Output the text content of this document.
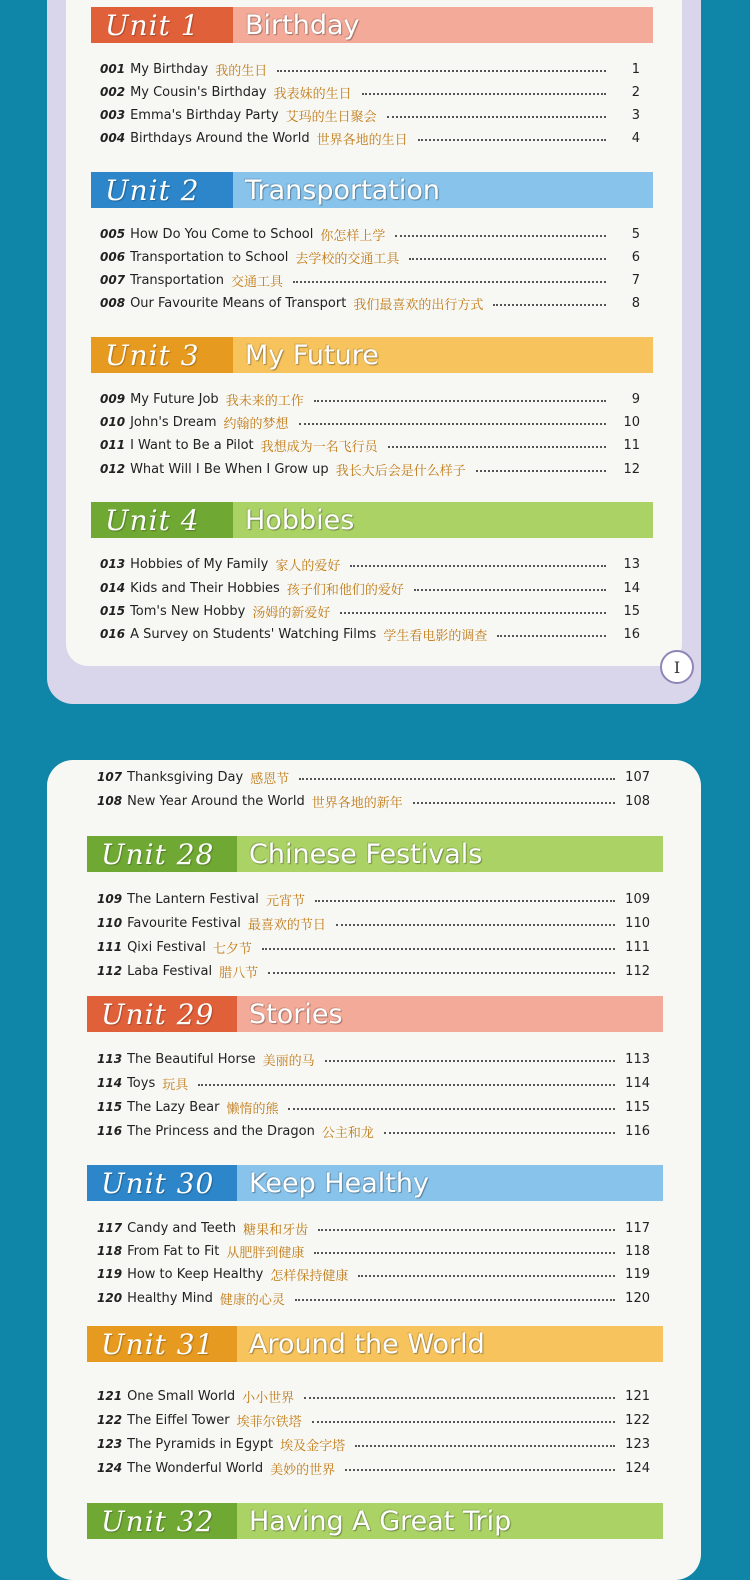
I
Unit 1	Birthday
001 My Birthday 我的生日	1
002 My Cousin's Birthday 我表妹的生日	2
003 Emma's Birthday Party 艾玛的生日聚会	3
004 Birthdays Around the World 世界各地的生日	4
Unit 2	Transportation
005 How Do You Come to School 你怎样上学	5
006 Transportation to School 去学校的交通工具	6
007 Transportation 交通工具	7
008 Our Favourite Means of Transport 我们最喜欢的出行方式	8
Unit 3	My Future
009 My Future Job 我未来的工作	9
010 John's Dream 约翰的梦想	10
011 I Want to Be a Pilot 我想成为一名飞行员	11
012 What Will I Be When I Grow up 我长大后会是什么样子	12
Unit 4	Hobbies
013 Hobbies of My Family 家人的爱好	13
014 Kids and Their Hobbies 孩子们和他们的爱好	14
015 Tom's New Hobby 汤姆的新爱好	15
016 A Survey on Students' Watching Films 学生看电影的调查	16
107 Thanksgiving Day 感恩节	107
108 New Year Around the World 世界各地的新年	108
Unit 28	Chinese Festivals
109 The Lantern Festival 元宵节	109
110 Favourite Festival 最喜欢的节日	110
111 Qixi Festival 七夕节	111
112 Laba Festival 腊八节	112
Unit 29	Stories
113 The Beautiful Horse 美丽的马	113
114 Toys 玩具	114
115 The Lazy Bear 懒惰的熊	115
116 The Princess and the Dragon 公主和龙	116
Unit 30	Keep Healthy
117 Candy and Teeth 糖果和牙齿	117
118 From Fat to Fit 从肥胖到健康	118
119 How to Keep Healthy 怎样保持健康	119
120 Healthy Mind 健康的心灵	120
Unit 31	Around the World
121 One Small World 小小世界	121
122 The Eiffel Tower 埃菲尔铁塔	122
123 The Pyramids in Egypt 埃及金字塔	123
124 The Wonderful World 美妙的世界	124
Unit 32	Having A Great Trip
